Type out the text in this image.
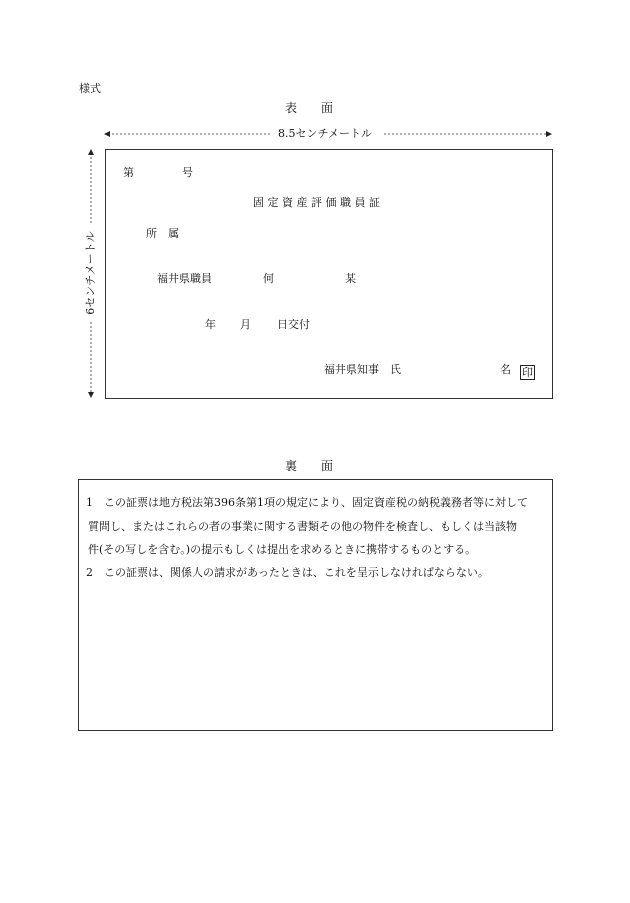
様式
表　　面
8.5センチメートル
6センチメートル
第	号
固 定 資 産 評 価 職 員 証
所　属
福井県職員	何	某
年 月 日交付
福井県知事　氏	名 印
裏　　面
1 この証票は地方税法第396条第1項の規定により、固定資産税の納税義務者等に対して
質問し、またはこれらの者の事業に関する書類その他の物件を検査し、もしくは当該物
件(その写しを含む。)の提示もしくは提出を求めるときに携帯するものとする。
2 この証票は、関係人の請求があったときは、これを呈示しなければならない。
